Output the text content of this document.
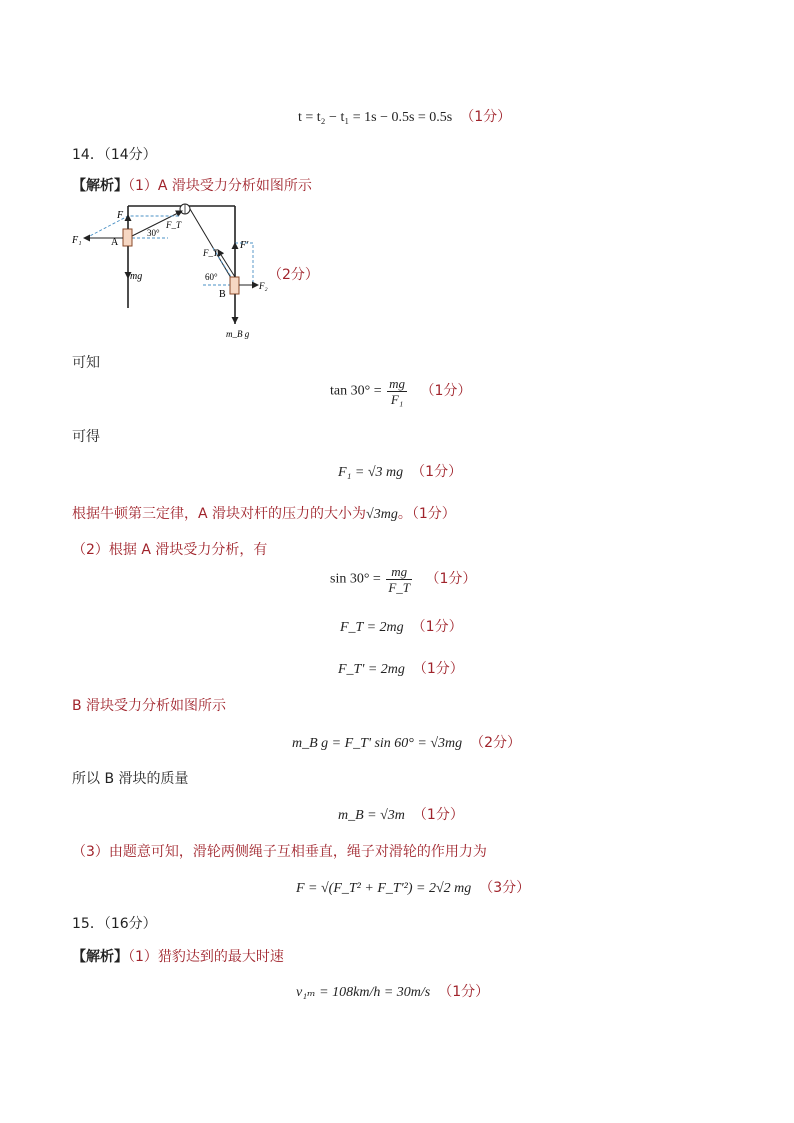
t = t₂ − t₁ = 1s − 0.5s = 0.5s （1分）
14．（14分）
【解析】（1）A 滑块受力分析如图所示
F₁
F
A
30°
F_T
mg
F_T
F'
60°
B
F₂
m_B g
（2分）
可知
$\tan 30^\circ = \frac{mg}{\text{F₁}} (1$分）
可得
F₁ = √3 mg （1分）
根据牛顿第三定律，A 滑块对杆的压力的大小为√3mg。（1分）
（2）根据 A 滑块受力分析，有
$\sin 30^\circ = \frac{mg}{F\_T} (1$分）
F_T = 2mg （1分）
F_T' = 2mg （1分）
B 滑块受力分析如图所示
m_B g = F_T' sin 60° = √3mg （2分）
所以 B 滑块的质量
m_B = √3m （1分）
（3）由题意可知，滑轮两侧绳子互相垂直，绳子对滑轮的作用力为
F = √(F_T² + F_T'²) = 2√2 mg （3分）
15．（16分）
【解析】（1）猎豹达到的最大时速
v₁ₘ = 108km/h = 30m/s （1分）
